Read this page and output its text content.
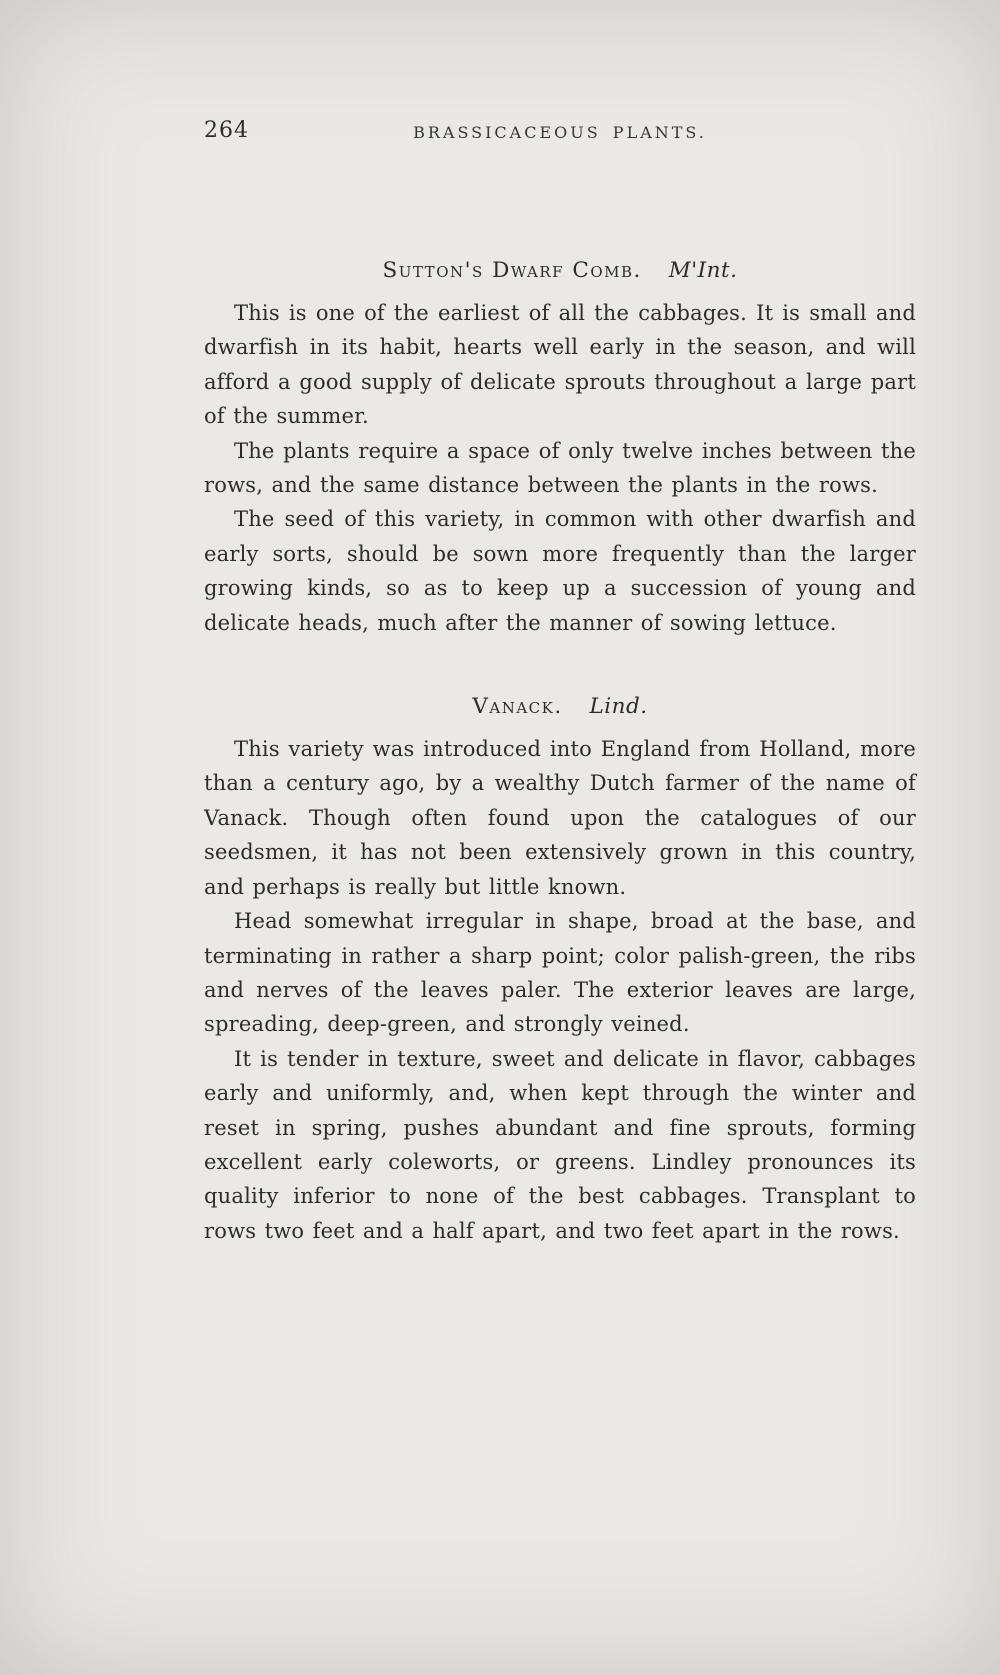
264	BRASSICACEOUS PLANTS.
Sutton's Dwarf Comb. M'Int.

This is one of the earliest of all the cabbages. It is small and dwarfish in its habit, hearts well early in the season, and will afford a good supply of delicate sprouts throughout a large part of the summer.

The plants require a space of only twelve inches between the rows, and the same distance between the plants in the rows.

The seed of this variety, in common with other dwarfish and early sorts, should be sown more frequently than the larger growing kinds, so as to keep up a succession of young and delicate heads, much after the manner of sowing lettuce.

Vanack. Lind.

This variety was introduced into England from Holland, more than a century ago, by a wealthy Dutch farmer of the name of Vanack. Though often found upon the catalogues of our seedsmen, it has not been extensively grown in this country, and perhaps is really but little known.

Head somewhat irregular in shape, broad at the base, and terminating in rather a sharp point; color palish-green, the ribs and nerves of the leaves paler. The exterior leaves are large, spreading, deep-green, and strongly veined.

It is tender in texture, sweet and delicate in flavor, cabbages early and uniformly, and, when kept through the winter and reset in spring, pushes abundant and fine sprouts, forming excellent early coleworts, or greens. Lindley pronounces its quality inferior to none of the best cabbages. Transplant to rows two feet and a half apart, and two feet apart in the rows.
